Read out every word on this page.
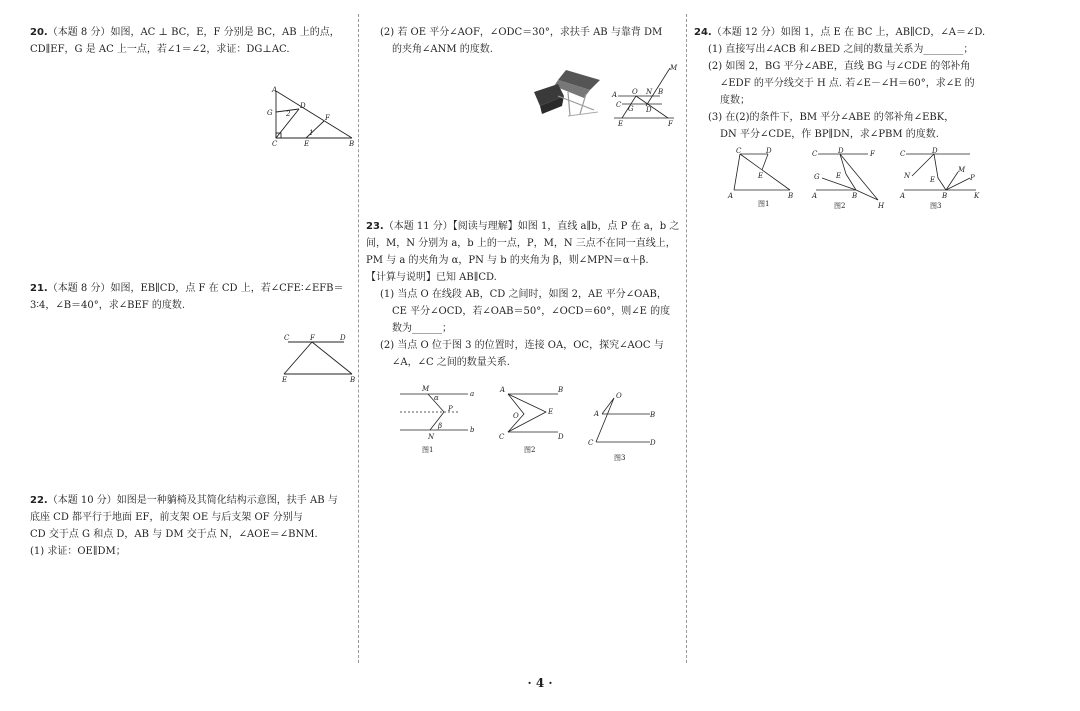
20.（本题 8 分）如图，AC ⊥ BC，E，F 分别是 BC，AB 上的点，
CD∥EF，G 是 AC 上一点，若∠1＝∠2，求证：DG⊥AC.
A
G
D
F
C	E	B
1
2
21.（本题 8 分）如图，EB∥CD，点 F 在 CD 上，若∠CFE∶∠EFB＝
3∶4，∠B＝40°，求∠BEF 的度数.
C	F	D
E	B
22.（本题 10 分）如图是一种躺椅及其简化结构示意图，扶手 AB 与
底座 CD 都平行于地面 EF，前支架 OE 与后支架 OF 分别与
CD 交于点 G 和点 D，AB 与 DM 交于点 N，∠AOE＝∠BNM.
(1) 求证：OE∥DM；
(2) 若 OE 平分∠AOF，∠ODC＝30°，求扶手 AB 与靠背 DM
的夹角∠ANM 的度数.
M
A O N B
C G D
E	F
23.（本题 11 分）【阅读与理解】如图 1，直线 a∥b，点 P 在 a，b 之
间，M，N 分别为 a，b 上的一点，P，M，N 三点不在同一直线上，
PM 与 a 的夹角为 α，PN 与 b 的夹角为 β，则∠MPN＝α＋β.
【计算与说明】已知 AB∥CD.
(1) 当点 O 在线段 AB，CD 之间时，如图 2，AE 平分∠OAB，
CE 平分∠OCD，若∠OAB＝50°，∠OCD＝60°，则∠E 的度
数为______；
(2) 当点 O 位于图 3 的位置时，连接 OA，OC，探究∠AOC 与
∠A，∠C 之间的数量关系.
M
a
α
P
β
N
b
图1
A	B
O	E
C	D
图2
O
A	B
C	D
图3
24.（本题 12 分）如图 1，点 E 在 BC 上，AB∥CD，∠A＝∠D.
(1) 直接写出∠ACB 和∠BED 之间的数量关系为________；
(2) 如图 2，BG 平分∠ABE，直线 BG 与∠CDE 的邻补角
∠EDF 的平分线交于 H 点. 若∠E－∠H＝60°，求∠E 的
度数；
(3) 在(2)的条件下，BM 平分∠ABE 的邻补角∠EBK，
DN 平分∠CDE，作 BP∥DN，求∠PBM 的度数.
C	D
E
A	B
图1
C	D	F
G E
A	B
H
图2
C	D
N	E
M
P
A	B	K
图3
· 4 ·
